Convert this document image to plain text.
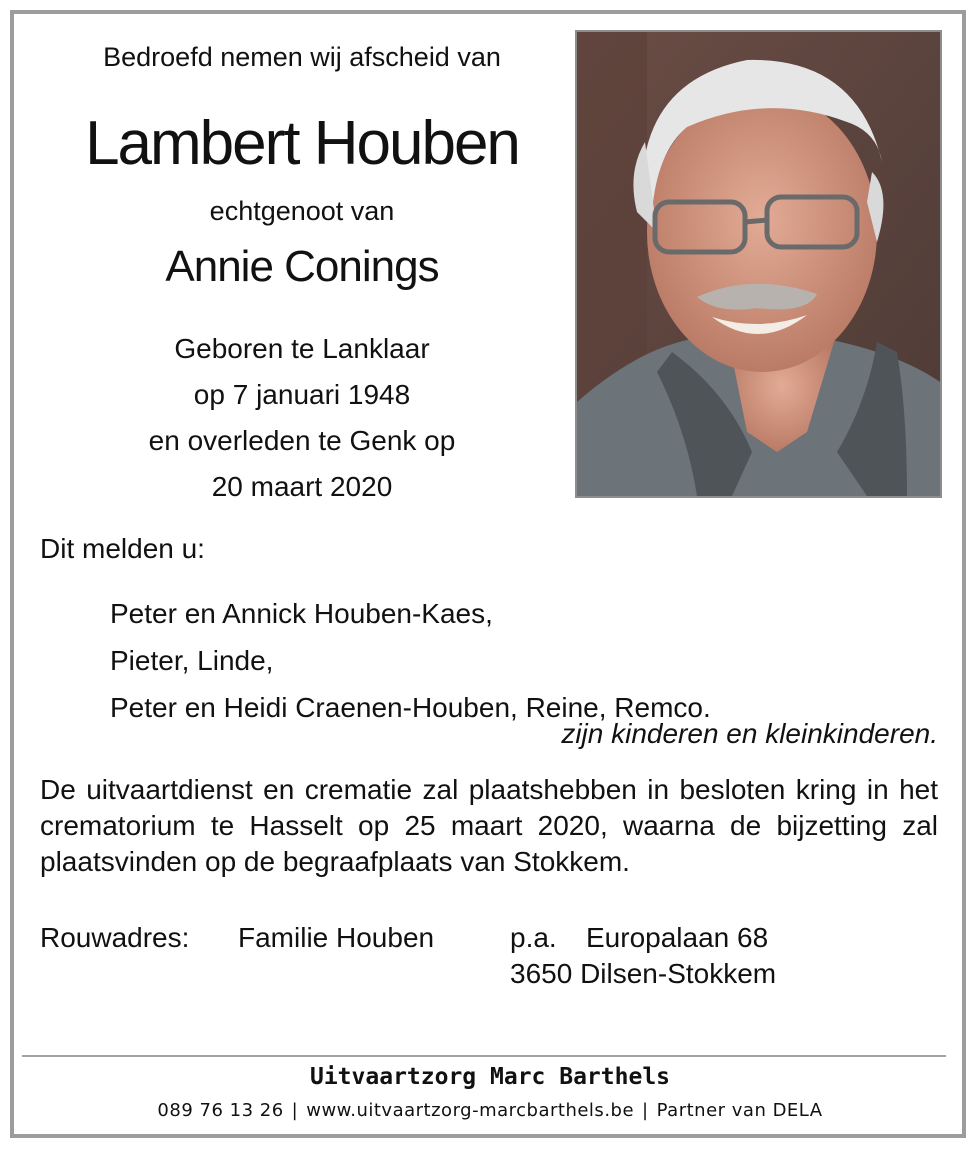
Bedroefd nemen wij afscheid van
Lambert Houben
echtgenoot van
Annie Conings
Geboren te Lanklaar
op 7 januari 1948
en overleden te Genk op
20 maart 2020
Dit melden u:
Peter en Annick Houben-Kaes,
Pieter, Linde,
Peter en Heidi Craenen-Houben, Reine, Remco.
zijn kinderen en kleinkinderen.
De uitvaartdienst en crematie zal plaatshebben in besloten kring in het crematorium te Hasselt op 25 maart 2020, waarna de bijzetting zal plaatsvinden op de begraafplaats van Stokkem.
Rouwadres: Familie Houben	p.a. Europalaan 68
3650 Dilsen-Stokkem
Uitvaartzorg Marc Barthels
089 76 13 26 | www.uitvaartzorg-marcbarthels.be | Partner van DELA
